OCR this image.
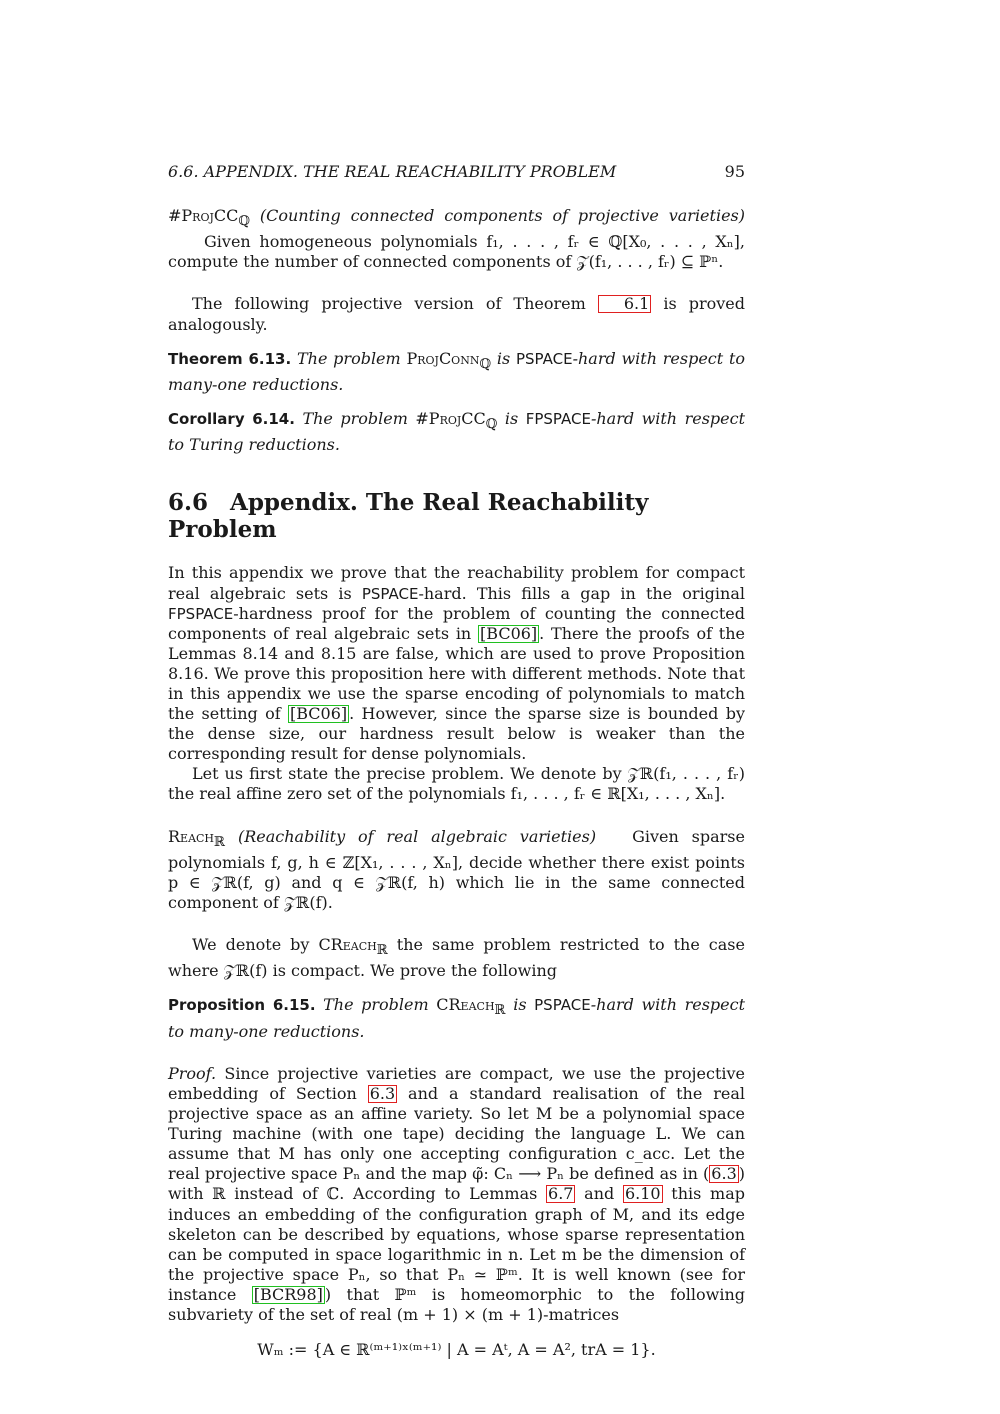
6.6. APPENDIX. THE REAL REACHABILITY PROBLEM	95

#ProjCC$_ℚ$ (Counting connected components of projective varieties)Given homogeneous polynomials f₁, . . . , fᵣ ∈ ℚ[X₀, . . . , Xₙ], compute the number of connected components of 𝒵(f₁, . . . , fᵣ) ⊆ ℙⁿ.

The following projective version of Theorem 6.1 is proved analogously.

Theorem 6.13. The problem ProjConn$_ℚ$ is PSPACE-hard with respect to many-one reductions.

Corollary 6.14. The problem #ProjCC$_ℚ$ is FPSPACE-hard with respect to Turing reductions.

6.6 Appendix. The Real Reachability Problem

In this appendix we prove that the reachability problem for compact real algebraic sets is PSPACE-hard. This fills a gap in the original FPSPACE-hardness proof for the problem of counting the connected components of real algebraic sets in [BC06] . There the proofs of the Lemmas 8.14 and 8.15 are false, which are used to prove Proposition 8.16. We prove this proposition here with different methods. Note that in this appendix we use the sparse encoding of polynomials to match the setting of [BC06] . However, since the sparse size is bounded by the dense size, our hardness result below is weaker than the corresponding result for dense polynomials.

Let us first state the precise problem. We denote by 𝒵ℝ(f₁, . . . , fᵣ) the real affine zero set of the polynomials f₁, . . . , fᵣ ∈ ℝ[X₁, . . . , Xₙ].

Reach$_ℝ$ (Reachability of real algebraic varieties) Given sparse polynomials f, g, h ∈ ℤ[X₁, . . . , Xₙ], decide whether there exist points p ∈ 𝒵ℝ(f, g) and q ∈ 𝒵ℝ(f, h) which lie in the same connected component of 𝒵ℝ(f).

We denote by CReach$_ℝ$ the same problem restricted to the case where 𝒵ℝ(f) is compact. We prove the following

Proposition 6.15. The problem CReach$_ℝ$ is PSPACE-hard with respect to many-one reductions.

Proof. Since projective varieties are compact, we use the projective embedding of Section 6.3 and a standard realisation of the real projective space as an affine variety. So let M be a polynomial space Turing machine (with one tape) deciding the language L. We can assume that M has only one accepting configuration c_acc. Let the real projective space Pₙ and the map φ̃: Cₙ ⟶ Pₙ be defined as in ( 6.3 ) with ℝ instead of ℂ. According to Lemmas 6.7 and 6.10 this map induces an embedding of the configuration graph of M, and its edge skeleton can be described by equations, whose sparse representation can be computed in space logarithmic in n. Let m be the dimension of the projective space Pₙ, so that Pₙ ≃ ℙᵐ. It is well known (see for instance [BCR98] ) that ℙᵐ is homeomorphic to the following subvariety of the set of real (m + 1) × (m + 1)-matrices

Wₘ := {A ∈ ℝ⁽ᵐ⁺¹⁾ˣ⁽ᵐ⁺¹⁾ | A = Aᵗ, A = A², trA = 1}.
